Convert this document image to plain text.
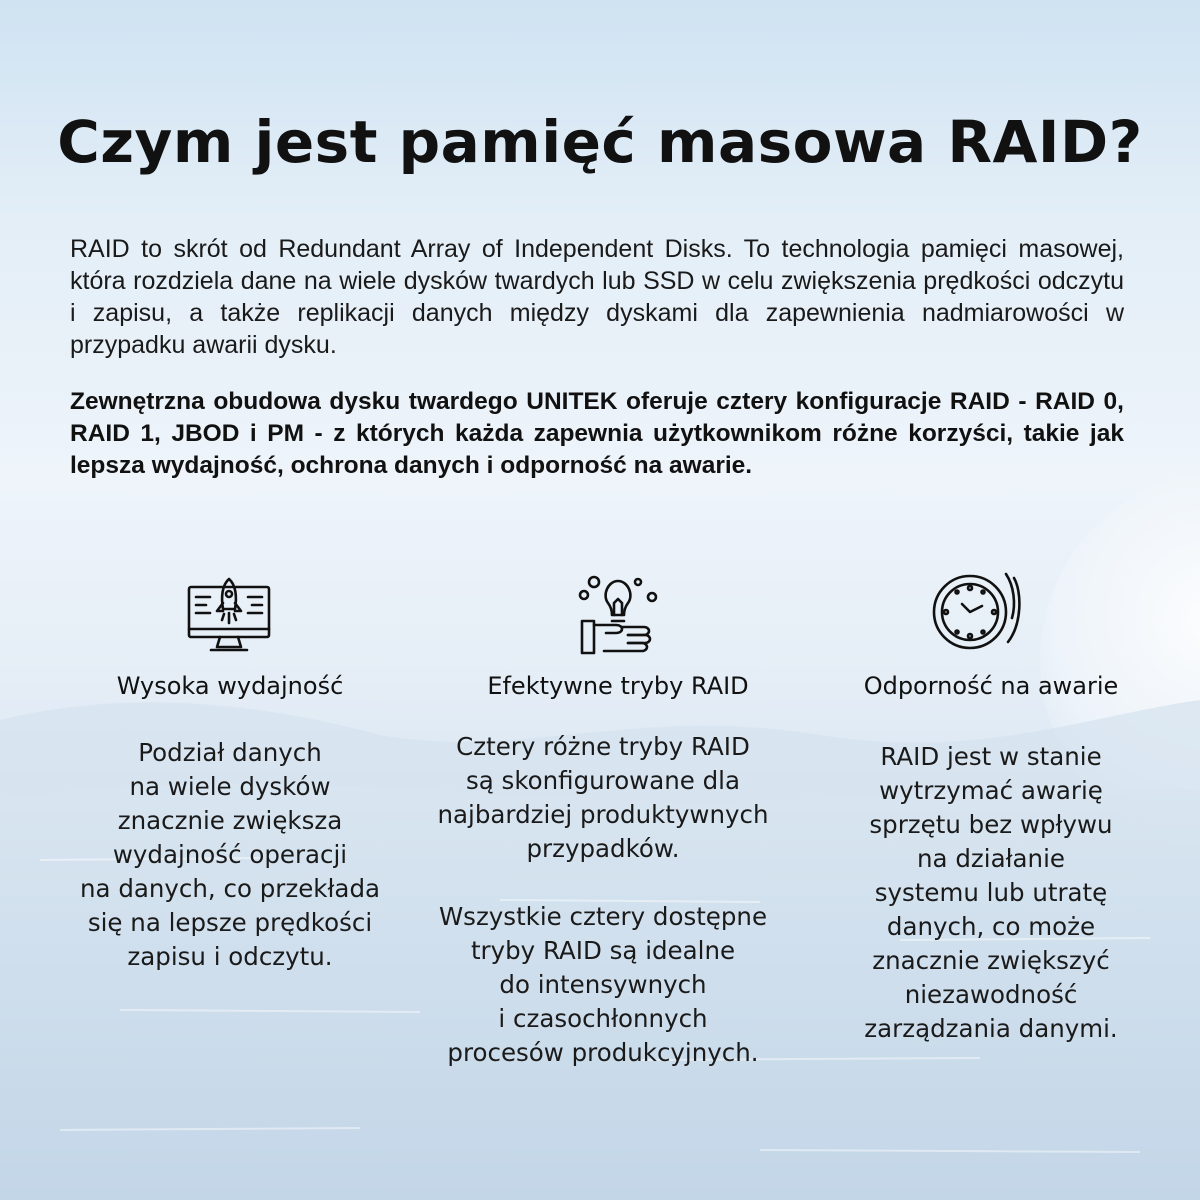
Czym jest pamięć masowa RAID?

RAID to skrót od Redundant Array of Independent Disks. To technologia pamięci masowej, która rozdziela dane na wiele dysków twardych lub SSD w celu zwiększenia prędkości odczytu i zapisu, a także replikacji danych między dyskami dla zapewnienia nadmiarowości w przypadku awarii dysku.

Zewnętrzna obudowa dysku twardego UNITEK oferuje cztery konfiguracje RAID - RAID 0, RAID 1, JBOD i PM - z których każda zapewnia użytkownikom różne korzyści, takie jak lepsza wydajność, ochrona danych i odporność na awarie.

Wysoka wydajność	Efektywne tryby RAID	Odporność na awarie
Podział danych
na wiele dysków
znacznie zwiększa
wydajność operacji
na danych, co przekłada
się na lepsze prędkości
zapisu i odczytu.
Cztery różne tryby RAID
są skonfigurowane dla
najbardziej produktywnych
przypadków.
Wszystkie cztery dostępne
tryby RAID są idealne
do intensywnych
i czasochłonnych
procesów produkcyjnych.
RAID jest w stanie
wytrzymać awarię
sprzętu bez wpływu
na działanie
systemu lub utratę
danych, co może
znacznie zwiększyć
niezawodność
zarządzania danymi.
